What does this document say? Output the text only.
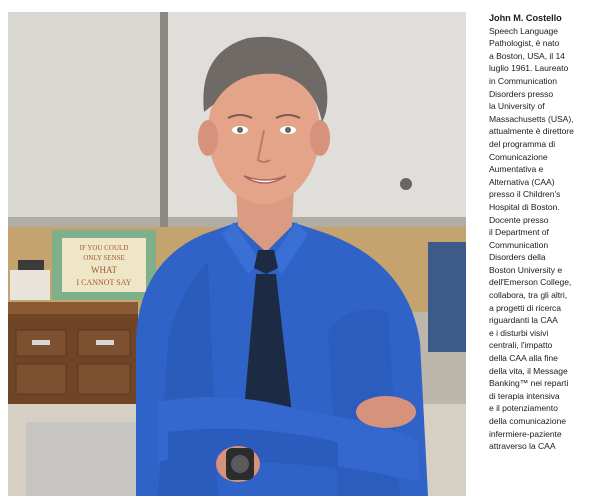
IF YOU COULD
ONLY SENSE
WHAT
I CANNOT SAY
John M. Costello
Speech Language
Pathologist, è nato
a Boston, USA, il 14
luglio 1961. Laureato
in Communication
Disorders presso
la University of
Massachusetts (USA),
attualmente è direttore
del programma di
Comunicazione
Aumentativa e
Alternativa (CAA)
presso il Children's
Hospital di Boston.
Docente presso
il Department of
Communication
Disorders della
Boston University e
dell'Emerson College,
collabora, tra gli altri,
a progetti di ricerca
riguardanti la CAA
e i disturbi visivi
centrali, l'impatto
della CAA alla fine
della vita, il Message
Banking™ nei reparti
di terapia intensiva
e il potenziamento
della comunicazione
infermiere-paziente
attraverso la CAA
